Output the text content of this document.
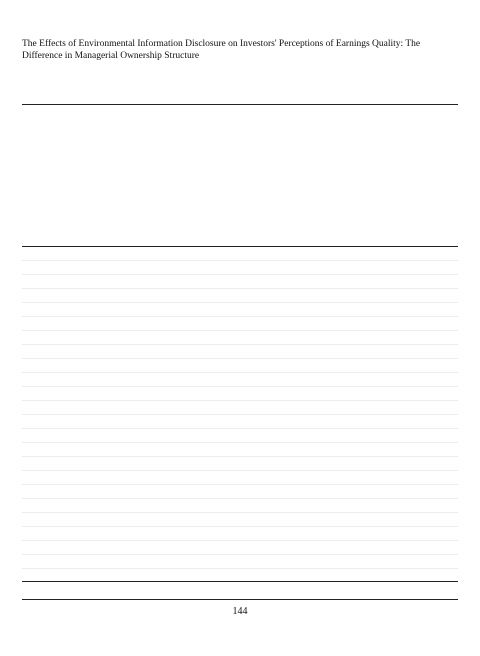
The Effects of Environmental Information Disclosure on Investors' Perceptions of Earnings Quality: The Difference in Managerial Ownership Structure
144
